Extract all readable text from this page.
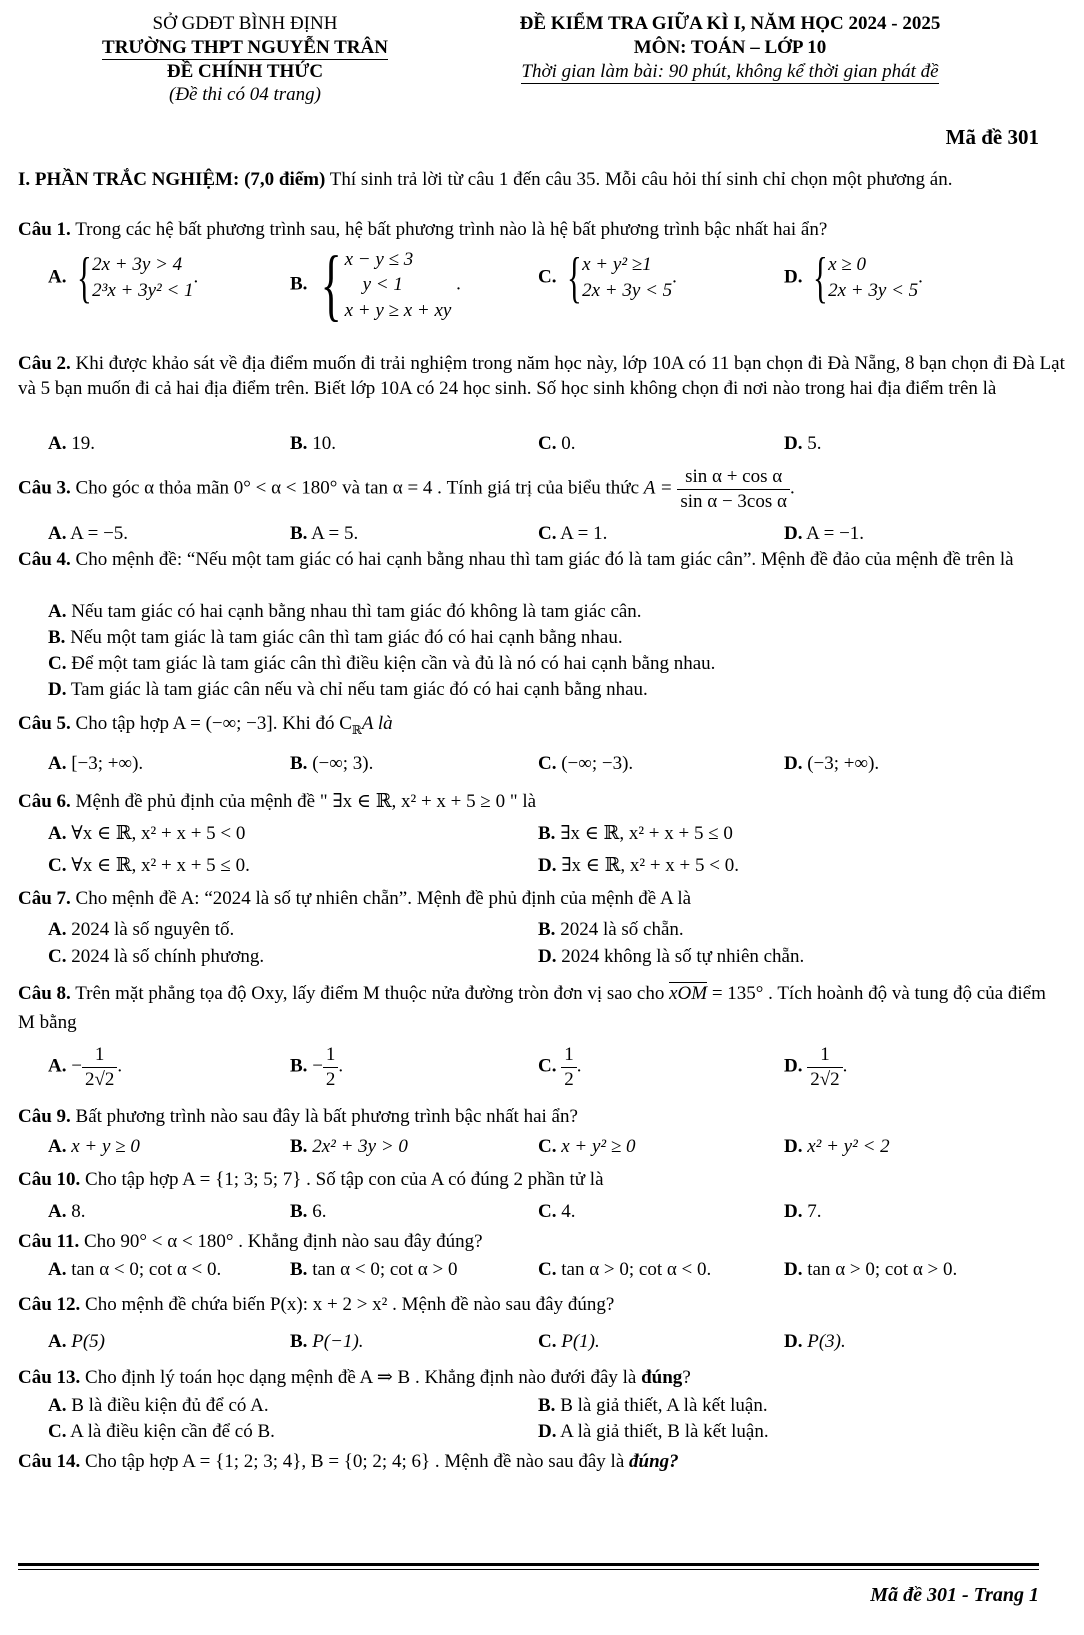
SỞ GDĐT BÌNH ĐỊNH
TRƯỜNG THPT NGUYỄN TRÂN
ĐỀ CHÍNH THỨC
(Đề thi có 04 trang)
ĐỀ KIỂM TRA GIỮA KÌ I, NĂM HỌC 2024 - 2025
MÔN: TOÁN – LỚP 10
Thời gian làm bài: 90 phút, không kể thời gian phát đề
Mã đề 301
I. PHẦN TRẮC NGHIỆM: (7,0 điểm) Thí sinh trả lời từ câu 1 đến câu 35. Mỗi câu hỏi thí sinh chỉ chọn một phương án.
Câu 1. Trong các hệ bất phương trình sau, hệ bất phương trình nào là hệ bất phương trình bậc nhất hai ẩn?
A. { 2x + 3y > 4
2³x + 3y² < 1
.	B. { x − y ≤ 3
y < 1
x + y ≥ x + xy
.	C. { x + y² ≥1
2x + 3y < 5
.	D. { x ≥ 0
2x + 3y < 5
.
Câu 2. Khi được khảo sát về địa điểm muốn đi trải nghiệm trong năm học này, lớp 10A có 11 bạn chọn đi Đà Nẵng, 8 bạn chọn đi Đà Lạt và 5 bạn muốn đi cả hai địa điểm trên. Biết lớp 10A có 24 học sinh. Số học sinh không chọn đi nơi nào trong hai địa điểm trên là
A. 19.	B. 10.	C. 0.	D. 5.
Câu 3. Cho góc α thỏa mãn 0° < α < 180° và tan α = 4 . Tính giá trị của biểu thức $A = \frac{\text{sin α + cos α}}{\text{sin α − 3cos α}}$ .
A. A = −5.	B. A = 5.	C. A = 1.	D. A = −1.
Câu 4. Cho mệnh đề: “Nếu một tam giác có hai cạnh bằng nhau thì tam giác đó là tam giác cân”. Mệnh đề đảo của mệnh đề trên là
A. Nếu tam giác có hai cạnh bằng nhau thì tam giác đó không là tam giác cân.
B. Nếu một tam giác là tam giác cân thì tam giác đó có hai cạnh bằng nhau.
C. Để một tam giác là tam giác cân thì điều kiện cần và đủ là nó có hai cạnh bằng nhau.
D. Tam giác là tam giác cân nếu và chỉ nếu tam giác đó có hai cạnh bằng nhau.
Câu 5. Cho tập hợp A = (−∞; −3]. Khi đó $C_ℝA$ là
A. [−3; +∞).	B. (−∞; 3).	C. (−∞; −3).	D. (−3; +∞).
Câu 6. Mệnh đề phủ định của mệnh đề " ∃x ∈ ℝ, x² + x + 5 ≥ 0 " là
A. ∀x ∈ ℝ, x² + x + 5 < 0	B. ∃x ∈ ℝ, x² + x + 5 ≤ 0
C. ∀x ∈ ℝ, x² + x + 5 ≤ 0.	D. ∃x ∈ ℝ, x² + x + 5 < 0.
Câu 7. Cho mệnh đề A: “2024 là số tự nhiên chẵn”. Mệnh đề phủ định của mệnh đề A là
A. 2024 là số nguyên tố.	B. 2024 là số chẵn.
C. 2024 là số chính phương.	D. 2024 không là số tự nhiên chẵn.
Câu 8. Trên mặt phẳng tọa độ Oxy, lấy điểm M thuộc nửa đường tròn đơn vị sao cho xOM = 135° . Tích hoành độ và tung độ của điểm M bằng
A. − $\frac{1}{2√2}$ .	B. − $\frac{1}{2}$ .	C. $\frac{1}{2}$ .	D. $\frac{1}{2√2}$ .
Câu 9. Bất phương trình nào sau đây là bất phương trình bậc nhất hai ẩn?
A. x + y ≥ 0	B. 2x² + 3y > 0	C. x + y² ≥ 0	D. x² + y² < 2
Câu 10. Cho tập hợp A = {1; 3; 5; 7} . Số tập con của A có đúng 2 phần tử là
A. 8.	B. 6.	C. 4.	D. 7.
Câu 11. Cho 90° < α < 180° . Khẳng định nào sau đây đúng?
A. tan α < 0; cot α < 0.	B. tan α < 0; cot α > 0	C. tan α > 0; cot α < 0.	D. tan α > 0; cot α > 0.
Câu 12. Cho mệnh đề chứa biến P(x): x + 2 > x² . Mệnh đề nào sau đây đúng?
A. P(5)	B. P(−1).	C. P(1).	D. P(3).
Câu 13. Cho định lý toán học dạng mệnh đề A ⇒ B . Khẳng định nào đưới đây là đúng?
A. B là điều kiện đủ để có A.	B. B là giả thiết, A là kết luận.
C. A là điều kiện cần để có B.	D. A là giả thiết, B là kết luận.
Câu 14. Cho tập hợp A = {1; 2; 3; 4}, B = {0; 2; 4; 6} . Mệnh đề nào sau đây là đúng?
Mã đề 301 - Trang 1
